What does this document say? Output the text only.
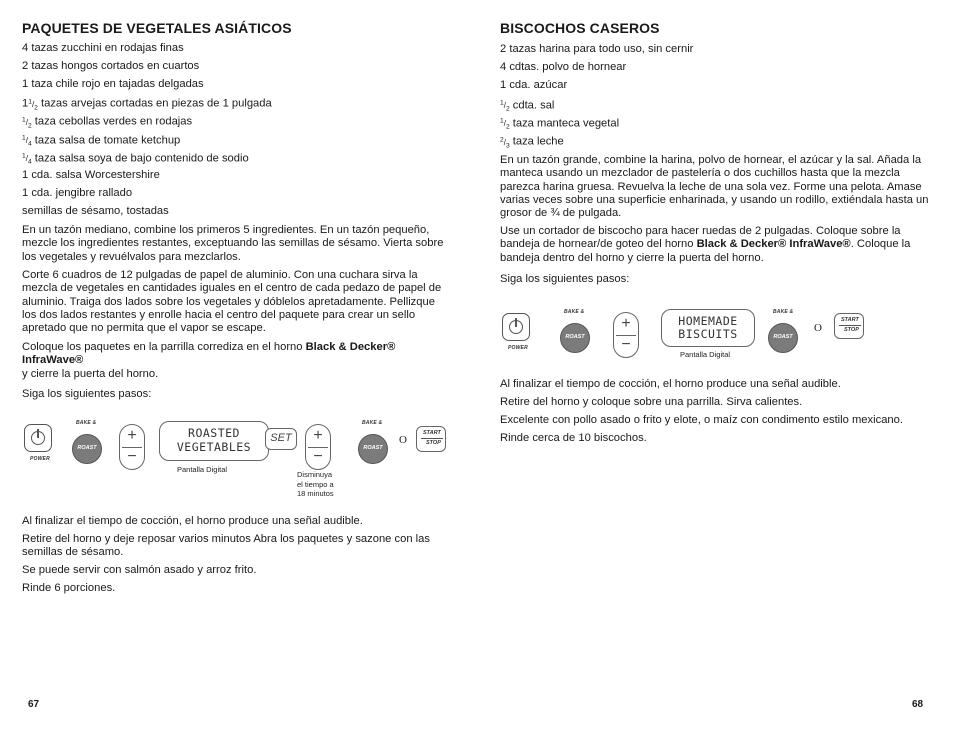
PAQUETES DE VEGETALES ASIÁTICOS
4 tazas zucchini en rodajas finas
2 tazas hongos cortados en cuartos
1 taza chile rojo en tajadas delgadas
$1^1/_2$ tazas arvejas cortadas en piezas de 1 pulgada
$^1/_2$ taza cebollas verdes en rodajas
$^1/_4$ taza salsa de tomate ketchup
$^1/_4$ taza salsa soya de bajo contenido de sodio
1 cda. salsa Worcestershire
1 cda. jengibre rallado
semillas de sésamo, tostadas
En un tazón mediano, combine los primeros 5 ingredientes. En un tazón pequeño, mezcle los ingredientes restantes, exceptuando las semillas de sésamo. Vierta sobre los vegetales y revuélvalos para mezclarlos.
Corte 6 cuadros de 12 pulgadas de papel de aluminio. Con una cuchara sirva la mezcla de vegetales en cantidades iguales en el centro de cada pedazo de papel de aluminio. Traiga dos lados sobre los vegetales y dóblelos apretadamente. Pellizque los dos lados restantes y enrolle hacia el centro del paquete para crear un sello apretado que no permita que el vapor se escape.
Coloque los paquetes en la parrilla corrediza en el horno Black & Decker® InfraWave®
y cierre la puerta del horno.
Siga los siguientes pasos:
POWER
BAKE &
ROAST
+
−
ROASTED
VEGETABLES
Pantalla Digital
SET	+
−
Disminuya
el tiempo a
18 minutos
BAKE &
ROAST
O
START
STOP
Al finalizar el tiempo de cocción, el horno produce una señal audible.
Retire del horno y deje reposar varios minutos Abra los paquetes y sazone con las semillas de sésamo.
Se puede servir con salmón asado y arroz frito.
Rinde 6 porciones.
67
BISCOCHOS CASEROS
2 tazas harina para todo uso, sin cernir
4 cdtas. polvo de hornear
1 cda. azúcar
$^1/_2$ cdta. sal
$^1/_2$ taza manteca vegetal
$^2/_3$ taza leche
En un tazón grande, combine la harina, polvo de hornear, el azúcar y la sal. Añada la manteca usando un mezclador de pastelería o dos cuchillos hasta que la mezcla parezca harina gruesa. Revuelva la leche de una sola vez. Forme una pelota. Amase varias veces sobre una superficie enharinada, y usando un rodillo, extiéndala hasta un grosor de ¾ de pulgada.
Use un cortador de biscocho para hacer ruedas de 2 pulgadas. Coloque sobre la bandeja de hornear/de goteo del horno Black & Decker® InfraWave®. Coloque la bandeja dentro del horno y cierre la puerta del horno.
Siga los siguientes pasos:
POWER
BAKE &
ROAST
+
−
HOMEMADE
BISCUITS
Pantalla Digital
BAKE &
ROAST
O
START
STOP
Al finalizar el tiempo de cocción, el horno produce una señal audible.
Retire del horno y coloque sobre una parrilla. Sirva calientes.
Excelente con pollo asado o frito y elote, o maíz con condimento estilo mexicano.
Rinde cerca de 10 biscochos.
68
